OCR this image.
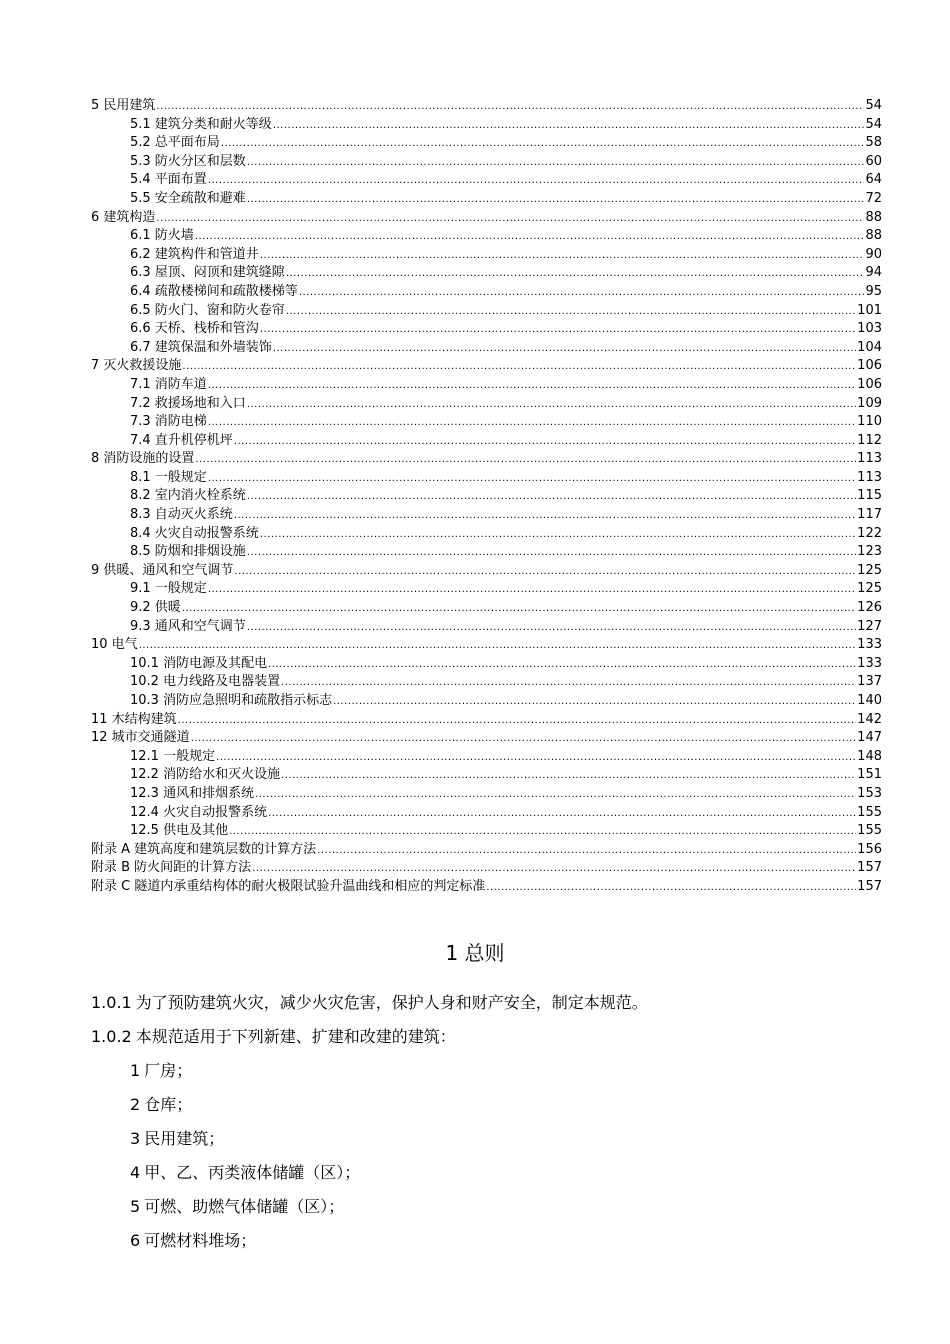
5 民用建筑 .....	54
5.1 建筑分类和耐火等级 .....	54
5.2 总平面布局 .....	58
5.3 防火分区和层数 .....	60
5.4 平面布置 .....	64
5.5 安全疏散和避难 .....	72
6 建筑构造 .....	88
6.1 防火墙 .....	88
6.2 建筑构件和管道井 .....	90
6.3 屋顶、闷顶和建筑缝隙 .....	94
6.4 疏散楼梯间和疏散楼梯等 .....	95
6.5 防火门、窗和防火卷帘 .....	101
6.6 天桥、栈桥和管沟 .....	103
6.7 建筑保温和外墙装饰 .....	104
7 灭火救援设施 .....	106
7.1 消防车道 .....	106
7.2 救援场地和入口 .....	109
7.3 消防电梯 .....	110
7.4 直升机停机坪 .....	112
8 消防设施的设置 .....	113
8.1 一般规定 .....	113
8.2 室内消火栓系统 .....	115
8.3 自动灭火系统 .....	117
8.4 火灾自动报警系统 .....	122
8.5 防烟和排烟设施 .....	123
9 供暖、通风和空气调节 .....	125
9.1 一般规定 .....	125
9.2 供暖 .....	126
9.3 通风和空气调节 .....	127
10 电气 .....	133
10.1 消防电源及其配电 .....	133
10.2 电力线路及电器装置 .....	137
10.3 消防应急照明和疏散指示标志 .....	140
11 木结构建筑 .....	142
12 城市交通隧道 .....	147
12.1 一般规定 .....	148
12.2 消防给水和灭火设施 .....	151
12.3 通风和排烟系统 .....	153
12.4 火灾自动报警系统 .....	155
12.5 供电及其他 .....	155
附录 A 建筑高度和建筑层数的计算方法 .....	156
附录 B 防火间距的计算方法 .....	157
附录 C 隧道内承重结构体的耐火极限试验升温曲线和相应的判定标准 .....	157
1 总则
1.0.1 为了预防建筑火灾，减少火灾危害，保护人身和财产安全，制定本规范。
1.0.2 本规范适用于下列新建、扩建和改建的建筑：
1 厂房；
2 仓库；
3 民用建筑；
4 甲、乙、丙类液体储罐（区）；
5 可燃、助燃气体储罐（区）；
6 可燃材料堆场；
